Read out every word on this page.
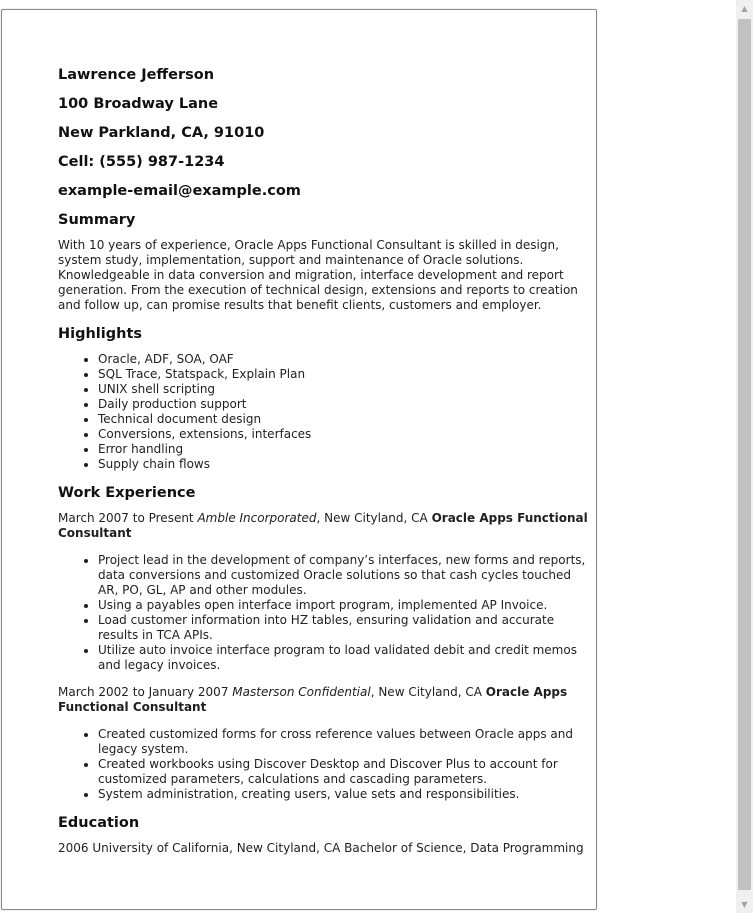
Lawrence Jefferson
100 Broadway Lane
New Parkland, CA, 91010
Cell: (555) 987-1234
example-email@example.com
Summary

With 10 years of experience, Oracle Apps Functional Consultant is skilled in design, system study, implementation, support and maintenance of Oracle solutions. Knowledgeable in data conversion and migration, interface development and report generation. From the execution of technical design, extensions and reports to creation and follow up, can promise results that benefit clients, customers and employer.

Highlights
• Oracle, ADF, SOA, OAF
• SQL Trace, Statspack, Explain Plan
• UNIX shell scripting
• Daily production support
• Technical document design
• Conversions, extensions, interfaces
• Error handling
• Supply chain flows
Work Experience
March 2007 to Present Amble Incorporated, New Cityland, CA Oracle Apps Functional Consultant
• Project lead in the development of company’s interfaces, new forms and reports, data conversions and customized Oracle solutions so that cash cycles touched AR, PO, GL, AP and other modules.
• Using a payables open interface import program, implemented AP Invoice.
• Load customer information into HZ tables, ensuring validation and accurate results in TCA APIs.
• Utilize auto invoice interface program to load validated debit and credit memos and legacy invoices.
March 2002 to January 2007 Masterson Confidential, New Cityland, CA Oracle Apps Functional Consultant
• Created customized forms for cross reference values between Oracle apps and legacy system.
• Created workbooks using Discover Desktop and Discover Plus to account for customized parameters, calculations and cascading parameters.
• System administration, creating users, value sets and responsibilities.
Education

2006 University of California, New Cityland, CA Bachelor of Science, Data Programming

▲
▼
